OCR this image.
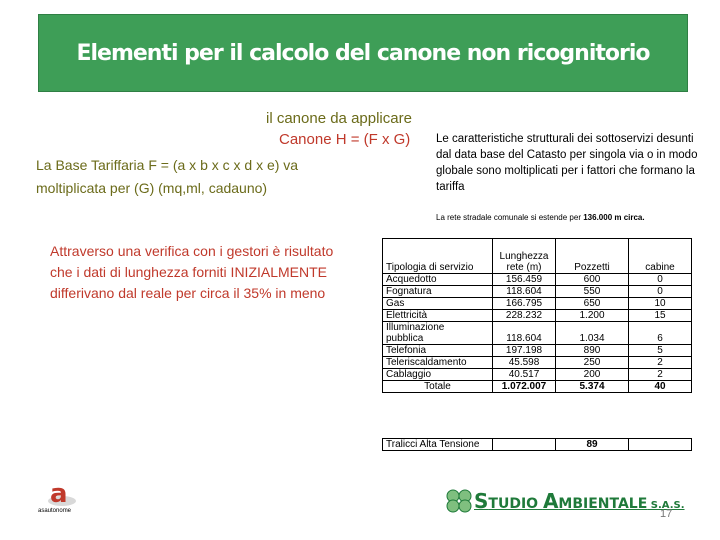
Elementi per il calcolo del canone non ricognitorio
il canone da applicare
Canone H = (F x G)
La Base Tariffaria F = (a x b x c x d x e) va
moltiplicata per (G) (mq,ml, cadauno)
Le caratteristiche strutturali dei sottoservizi desunti dal data base del Catasto per singola via o in modo globale sono moltiplicati per i fattori che formano la tariffa
La rete stradale comunale si estende per 136.000 m circa.
Attraverso una verifica con i gestori è risultato che i dati di lunghezza forniti INIZIALMENTE differivano dal reale per circa il 35% in meno
Tipologia di servizio	Lunghezza rete (m)	Pozzetti	cabine
Acquedotto	156.459	600	0
Fognatura	118.604	550	0
Gas	166.795	650	10
Elettricità	228.232	1.200	15
Illuminazione			
pubblica	118.604	1.034	6
Telefonia	197.198	890	5
Teleriscaldamento	45.598	250	2
Cablaggio	40.517	200	2
Totale	1.072.007	5.374	40
Tralicci Alta Tensione		89	
a
asautonome	STUDIO AMBIENTALE S.A.S.
17
